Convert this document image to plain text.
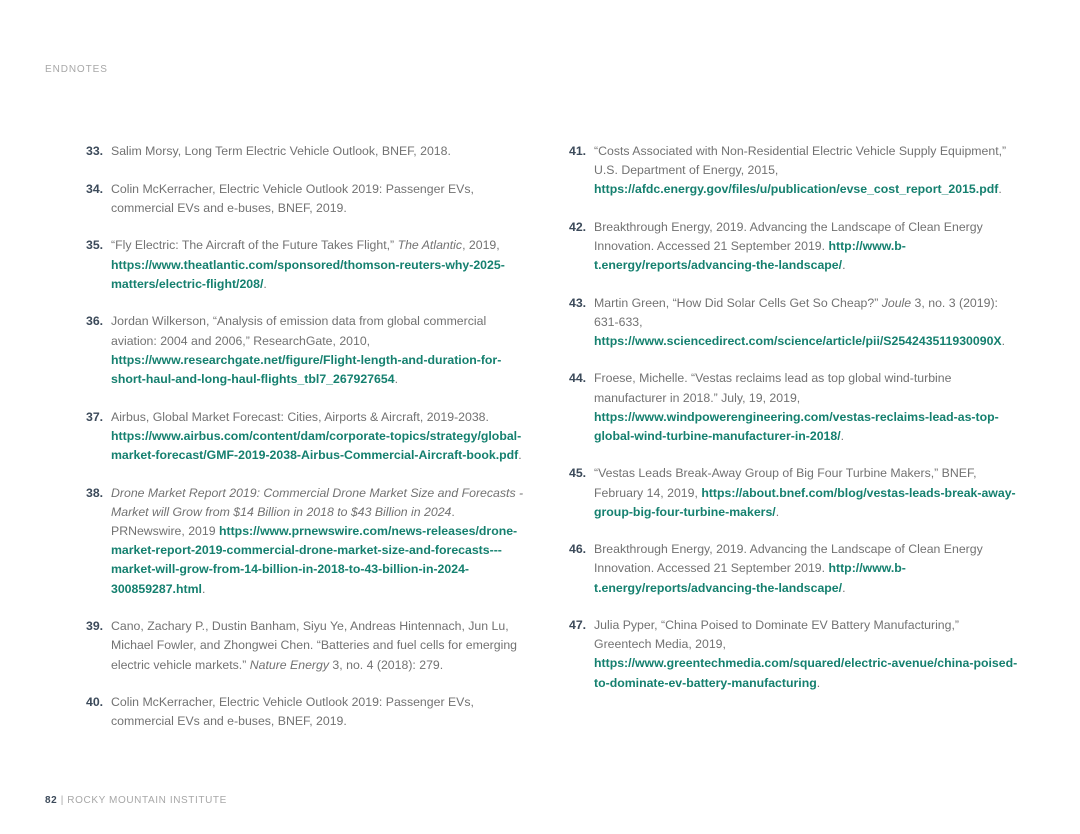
ENDNOTES
33. Salim Morsy, Long Term Electric Vehicle Outlook, BNEF, 2018.
34. Colin McKerracher, Electric Vehicle Outlook 2019: Passenger EVs, commercial EVs and e-buses, BNEF, 2019.
35. “Fly Electric: The Aircraft of the Future Takes Flight,” The Atlantic, 2019, https://www.theatlantic.com/sponsored/thomson-reuters-why-2025-matters/electric-flight/208/.
36. Jordan Wilkerson, “Analysis of emission data from global commercial aviation: 2004 and 2006,” ResearchGate, 2010, https://www.researchgate.net/figure/Flight-length-and-duration-for-short-haul-and-long-haul-flights_tbl7_267927654.
37. Airbus, Global Market Forecast: Cities, Airports & Aircraft, 2019-2038. https://www.airbus.com/content/dam/corporate-topics/strategy/global-market-forecast/GMF-2019-2038-Airbus-Commercial-Aircraft-book.pdf.
38. Drone Market Report 2019: Commercial Drone Market Size and Forecasts - Market will Grow from $14 Billion in 2018 to $43 Billion in 2024. PRNewswire, 2019 https://www.prnewswire.com/news-releases/drone-market-report-2019-commercial-drone-market-size-and-forecasts---market-will-grow-from-14-billion-in-2018-to-43-billion-in-2024-300859287.html.
39. Cano, Zachary P., Dustin Banham, Siyu Ye, Andreas Hintennach, Jun Lu, Michael Fowler, and Zhongwei Chen. “Batteries and fuel cells for emerging electric vehicle markets.” Nature Energy 3, no. 4 (2018): 279.
40. Colin McKerracher, Electric Vehicle Outlook 2019: Passenger EVs, commercial EVs and e-buses, BNEF, 2019.
41. “Costs Associated with Non-Residential Electric Vehicle Supply Equipment,” U.S. Department of Energy, 2015, https://afdc.energy.gov/files/u/publication/evse_cost_report_2015.pdf.
42. Breakthrough Energy, 2019. Advancing the Landscape of Clean Energy Innovation. Accessed 21 September 2019. http://www.b-t.energy/reports/advancing-the-landscape/.
43. Martin Green, “How Did Solar Cells Get So Cheap?” Joule 3, no. 3 (2019): 631-633, https://www.sciencedirect.com/science/article/pii/S254243511930090X.
44. Froese, Michelle. “Vestas reclaims lead as top global wind-turbine manufacturer in 2018.” July, 19, 2019, https://www.windpowerengineering.com/vestas-reclaims-lead-as-top-global-wind-turbine-manufacturer-in-2018/.
45. “Vestas Leads Break-Away Group of Big Four Turbine Makers,” BNEF, February 14, 2019, https://about.bnef.com/blog/vestas-leads-break-away-group-big-four-turbine-makers/.
46. Breakthrough Energy, 2019. Advancing the Landscape of Clean Energy Innovation. Accessed 21 September 2019. http://www.b-t.energy/reports/advancing-the-landscape/.
47. Julia Pyper, “China Poised to Dominate EV Battery Manufacturing,” Greentech Media, 2019, https://www.greentechmedia.com/squared/electric-avenue/china-poised-to-dominate-ev-battery-manufacturing.
82 | ROCKY MOUNTAIN INSTITUTE
